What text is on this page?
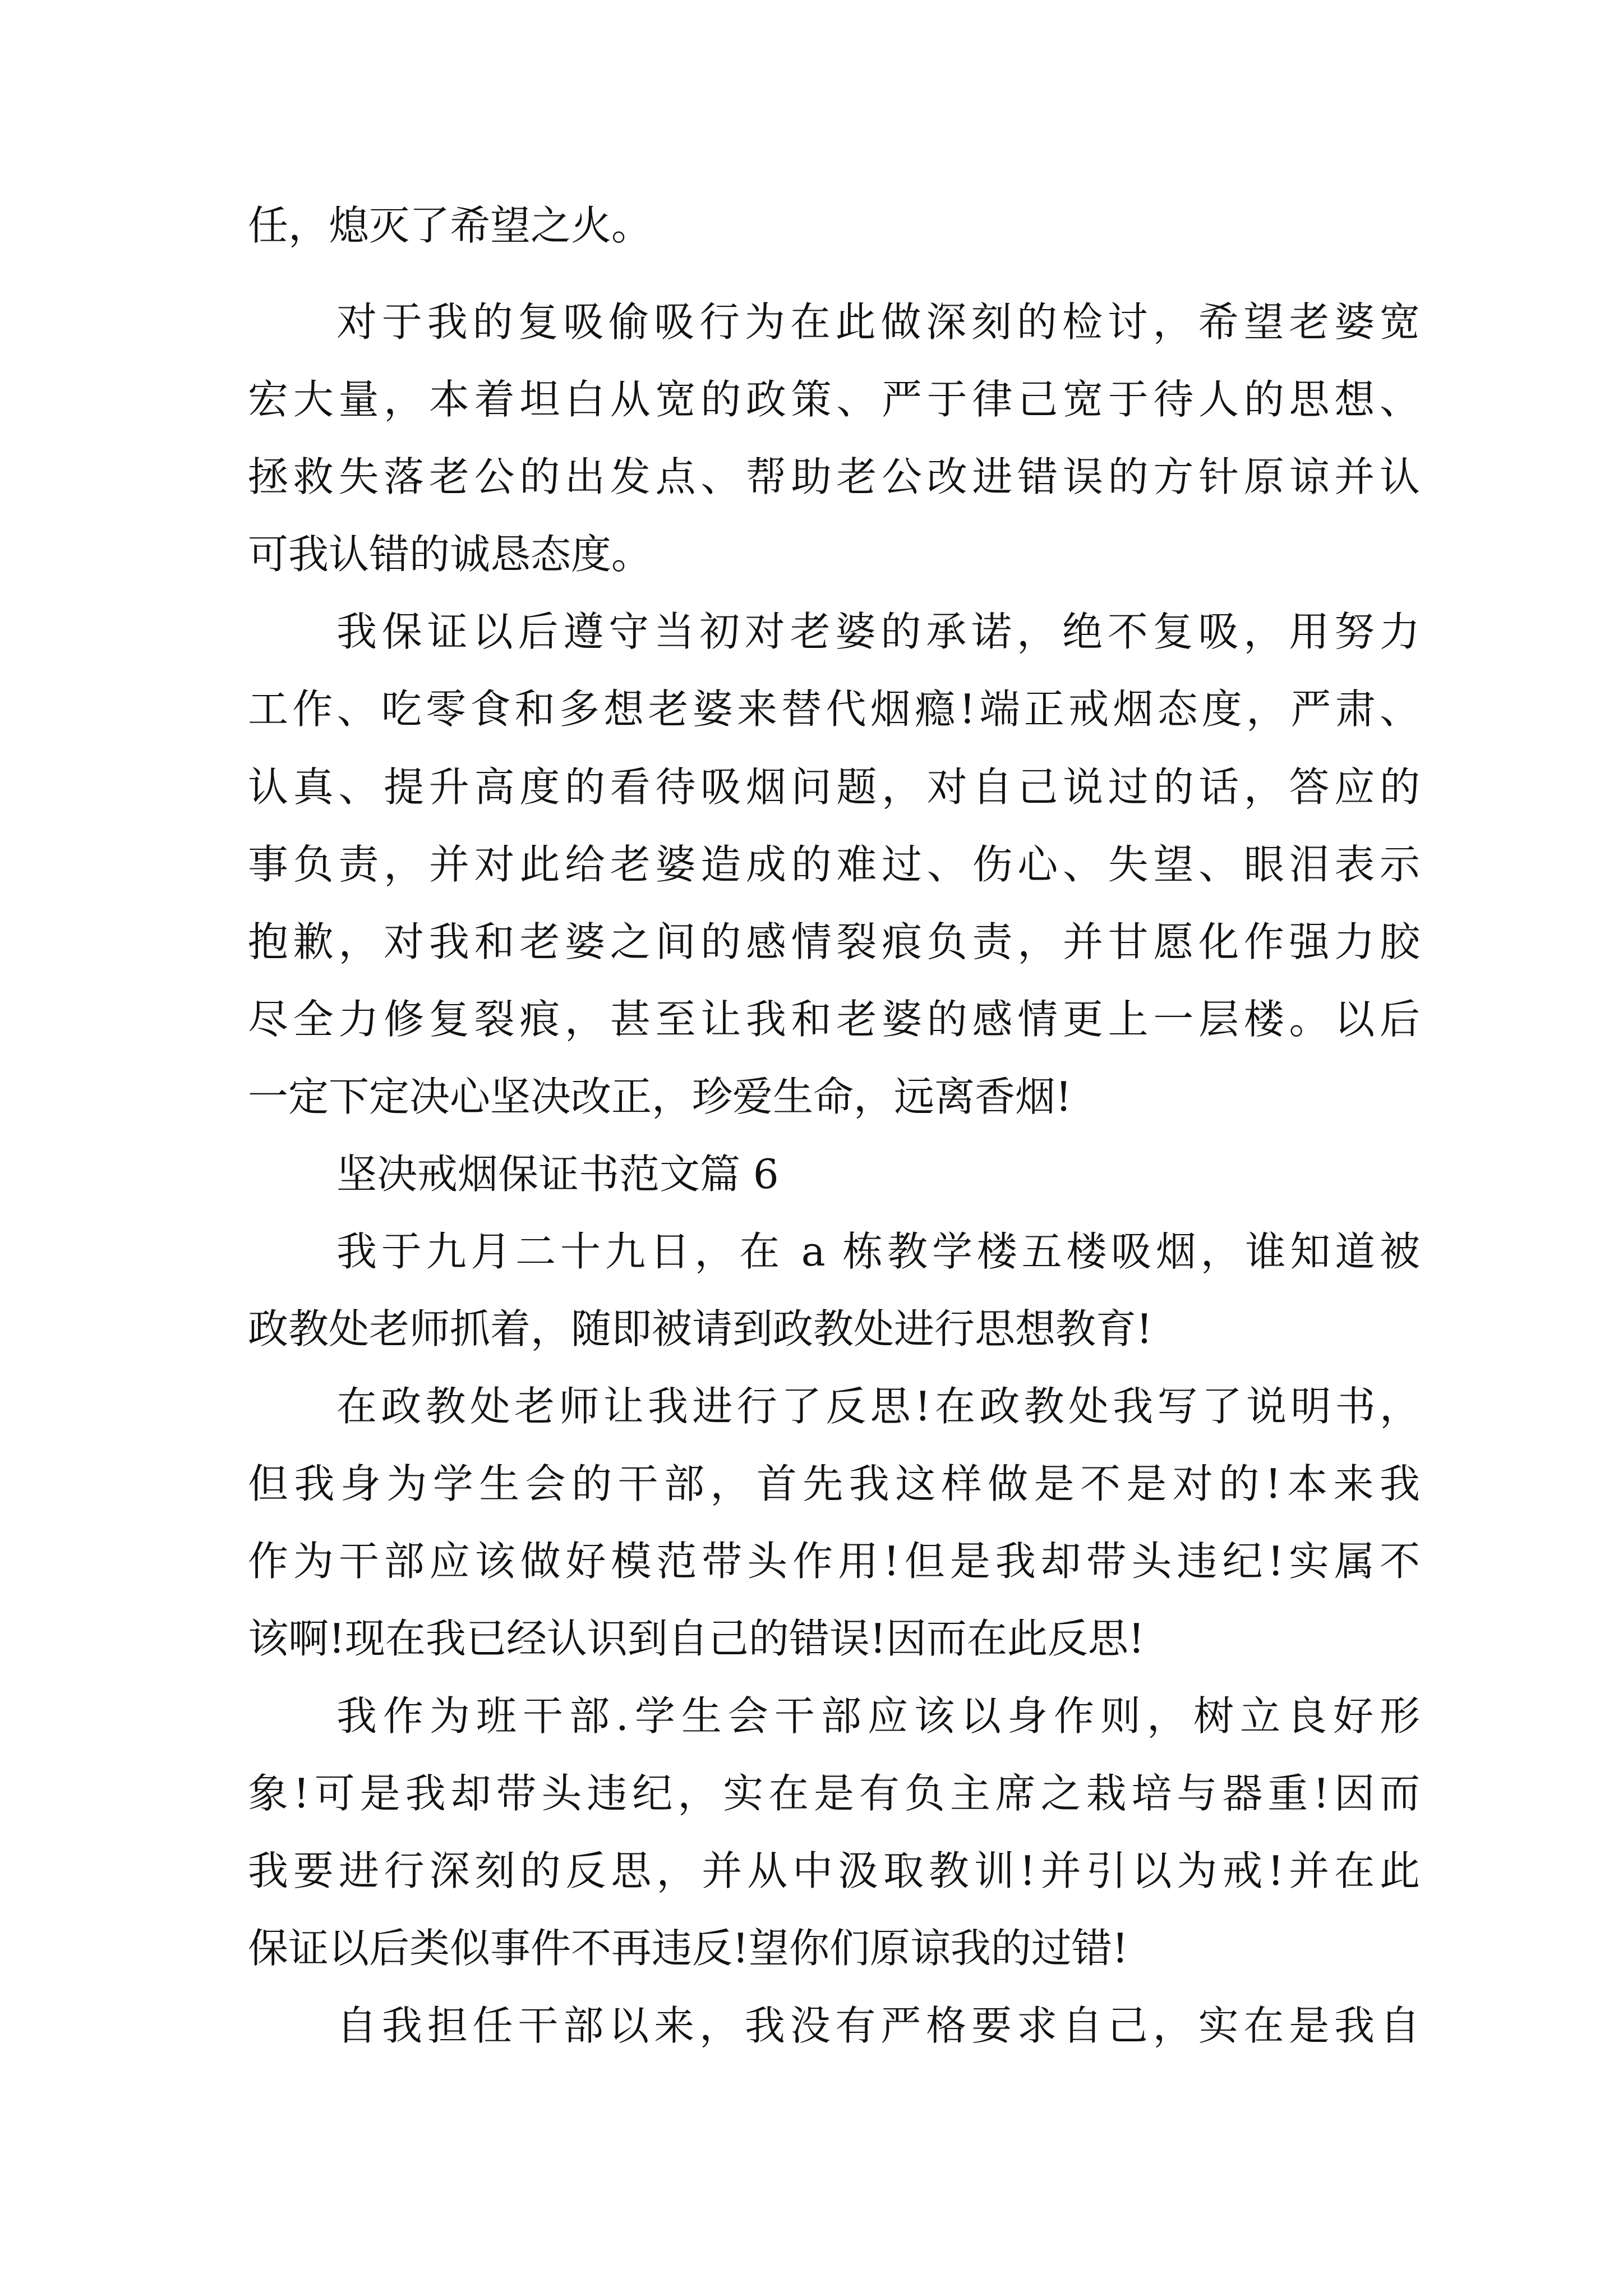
任，熄灭了希望之火。
对于我的复吸偷吸行为在此做深刻的检讨，希望老婆宽
宏大量，本着坦白从宽的政策、严于律己宽于待人的思想、
拯救失落老公的出发点、帮助老公改进错误的方针原谅并认
可我认错的诚恳态度。
我保证以后遵守当初对老婆的承诺，绝不复吸，用努力
工作、吃零食和多想老婆来替代烟瘾!端正戒烟态度，严肃、
认真、提升高度的看待吸烟问题，对自己说过的话，答应的
事负责，并对此给老婆造成的难过、伤心、失望、眼泪表示
抱歉，对我和老婆之间的感情裂痕负责，并甘愿化作强力胶
尽全力修复裂痕，甚至让我和老婆的感情更上一层楼。以后
一定下定决心坚决改正，珍爱生命，远离香烟!
坚决戒烟保证书范文篇 6
我于九月二十九日，在 a 栋教学楼五楼吸烟，谁知道被
政教处老师抓着，随即被请到政教处进行思想教育!
在政教处老师让我进行了反思!在政教处我写了说明书，
但我身为学生会的干部，首先我这样做是不是对的!本来我
作为干部应该做好模范带头作用!但是我却带头违纪!实属不
该啊!现在我已经认识到自己的错误!因而在此反思!
我作为班干部.学生会干部应该以身作则，树立良好形
象!可是我却带头违纪，实在是有负主席之栽培与器重!因而
我要进行深刻的反思，并从中汲取教训!并引以为戒!并在此
保证以后类似事件不再违反!望你们原谅我的过错!
自我担任干部以来，我没有严格要求自己，实在是我自
